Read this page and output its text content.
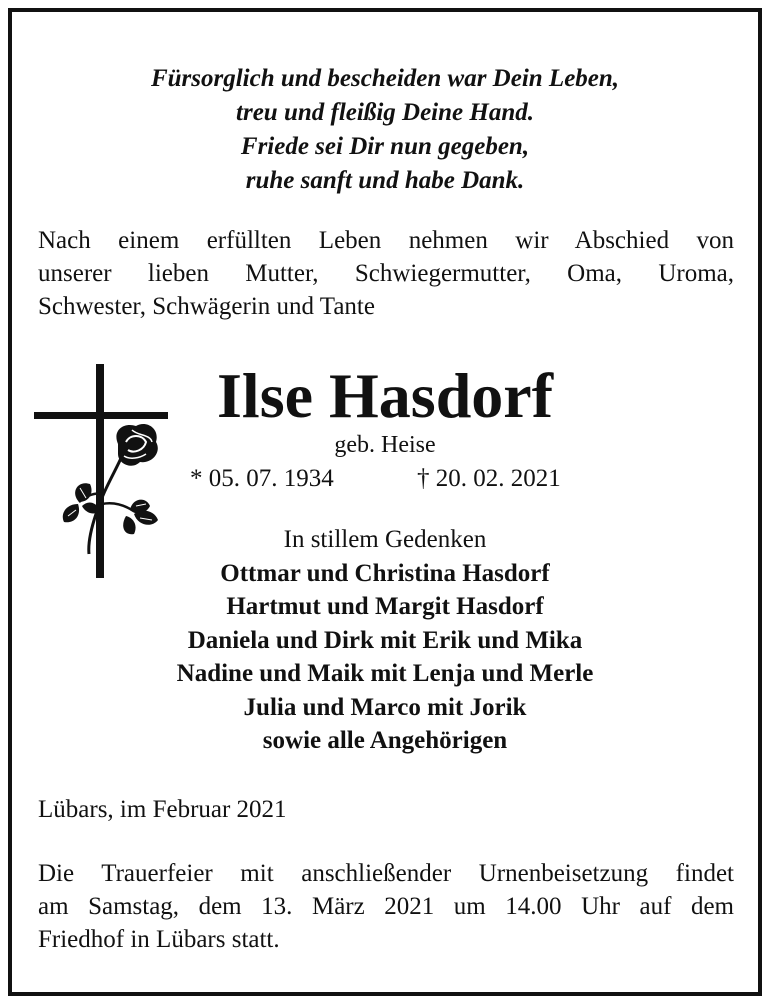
Fürsorglich und bescheiden war Dein Leben,
treu und fleißig Deine Hand.
Friede sei Dir nun gegeben,
ruhe sanft und habe Dank.
Nach einem erfüllten Leben nehmen wir Abschied von
unserer lieben Mutter, Schwiegermutter, Oma, Uroma,
Schwester, Schwägerin und Tante
Ilse Hasdorf
geb. Heise
* 05. 07. 1934	† 20. 02. 2021
In stillem Gedenken
Ottmar und Christina Hasdorf
Hartmut und Margit Hasdorf
Daniela und Dirk mit Erik und Mika
Nadine und Maik mit Lenja und Merle
Julia und Marco mit Jorik
sowie alle Angehörigen
Lübars, im Februar 2021
Die Trauerfeier mit anschließender Urnenbeisetzung findet
am Samstag, dem 13. März 2021 um 14.00 Uhr auf dem
Friedhof in Lübars statt.
